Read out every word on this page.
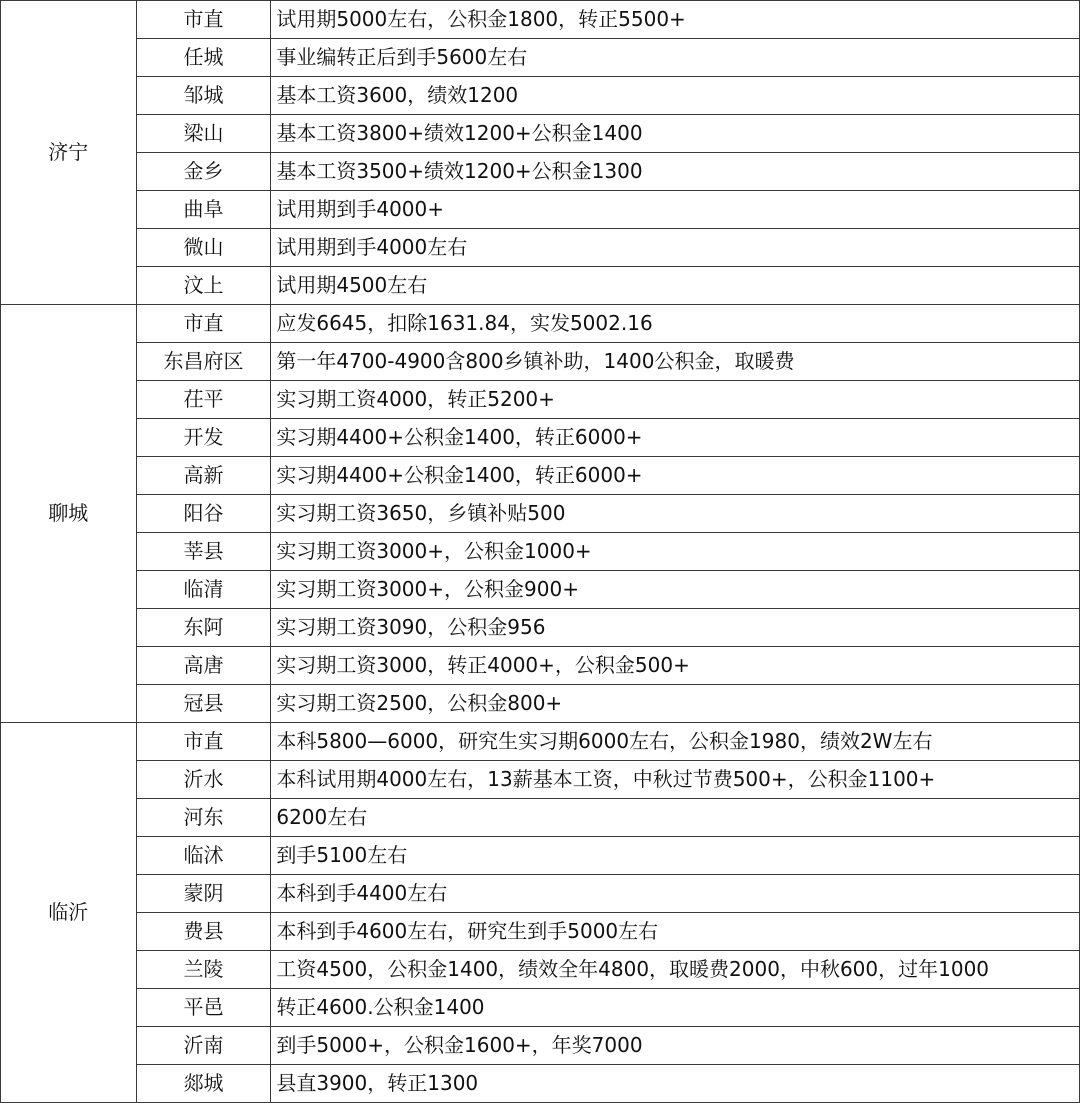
济宁	市直	试用期5000左右，公积金1800，转正5500+
	任城	事业编转正后到手5600左右
	邹城	基本工资3600，绩效1200
	梁山	基本工资3800+绩效1200+公积金1400
	金乡	基本工资3500+绩效1200+公积金1300
	曲阜	试用期到手4000+
	微山	试用期到手4000左右
	汶上	试用期4500左右
聊城	市直	应发6645，扣除1631.84，实发5002.16
	东昌府区	第一年4700-4900含800乡镇补助，1400公积金，取暖费
	茌平	实习期工资4000，转正5200+
	开发	实习期4400+公积金1400，转正6000+
	高新	实习期4400+公积金1400，转正6000+
	阳谷	实习期工资3650，乡镇补贴500
	莘县	实习期工资3000+，公积金1000+
	临清	实习期工资3000+，公积金900+
	东阿	实习期工资3090，公积金956
	高唐	实习期工资3000，转正4000+，公积金500+
	冠县	实习期工资2500，公积金800+
临沂	市直	本科5800—6000，研究生实习期6000左右，公积金1980，绩效2W左右
	沂水	本科试用期4000左右，13薪基本工资，中秋过节费500+，公积金1100+
	河东	6200左右
	临沭	到手5100左右
	蒙阴	本科到手4400左右
	费县	本科到手4600左右，研究生到手5000左右
	兰陵	工资4500，公积金1400，绩效全年4800，取暖费2000，中秋600，过年1000
	平邑	转正4600.公积金1400
	沂南	到手5000+，公积金1600+，年奖7000
	郯城	县直3900，转正1300
